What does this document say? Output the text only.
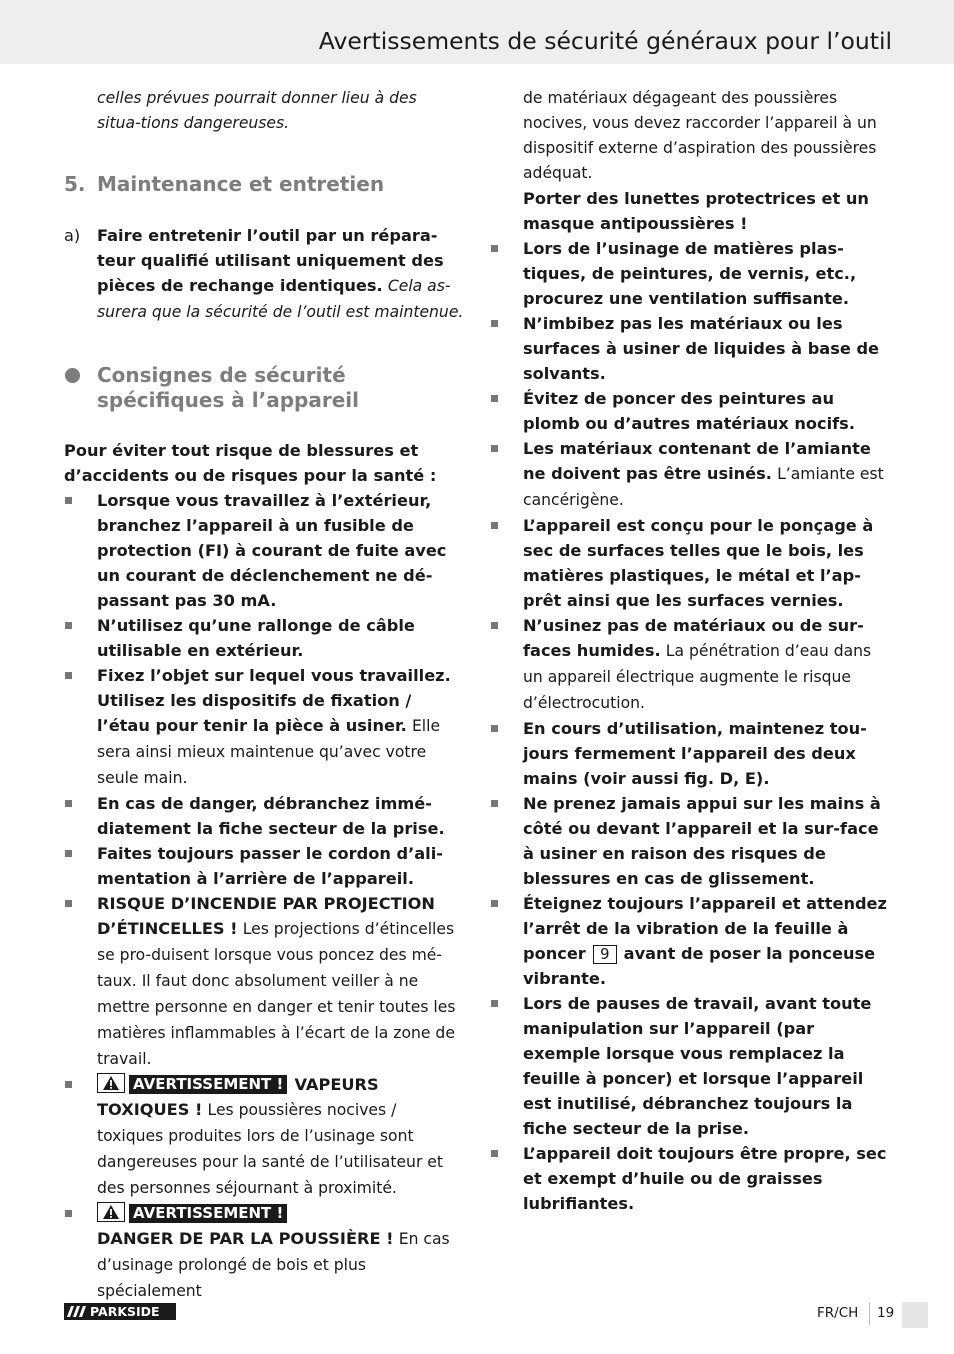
Avertissements de sécurité généraux pour l’outil

celles prévues pourrait donner lieu à des situa-tions dangereuses.

5. Maintenance et entretien
a)	Faire entretenir l’outil par un répara-teur qualifié utilisant uniquement des pièces de rechange identiques. Cela as-surera que la sécurité de l’outil est maintenue.
Consignes de sécurité spécifiques à l’appareil

Pour éviter tout risque de blessures et d’accidents ou de risques pour la santé :

Lorsque vous travaillez à l’extérieur, branchez l’appareil à un fusible de protection (FI) à courant de fuite avec un courant de déclenchement ne dé-passant pas 30 mA.
N’utilisez qu’une rallonge de câble utilisable en extérieur.
Fixez l’objet sur lequel vous travaillez. Utilisez les dispositifs de fixation / l’étau pour tenir la pièce à usiner. Elle sera ainsi mieux maintenue qu’avec votre seule main.
En cas de danger, débranchez immé-diatement la fiche secteur de la prise.
Faites toujours passer le cordon d’ali-mentation à l’arrière de l’appareil.
RISQUE D’INCENDIE PAR PROJECTION D’ÉTINCELLES ! Les projections d’étincelles se pro-duisent lorsque vous poncez des mé-taux. Il faut donc absolument veiller à ne mettre personne en danger et tenir toutes les matières inflammables à l’écart de la zone de travail.
AVERTISSEMENT ! VAPEURS TOXIQUES ! Les poussières nocives / toxiques produites lors de l’usinage sont dangereuses pour la santé de l’utilisateur et des personnes séjournant à proximité.
AVERTISSEMENT !
DANGER DE PAR LA POUSSIÈRE ! En cas d’usinage prolongé de bois et plus spécialement

de matériaux dégageant des poussières nocives, vous devez raccorder l’appareil à un dispositif externe d’aspiration des poussières adéquat.

Porter des lunettes protectrices et un masque antipoussières !

Lors de l’usinage de matières plas-tiques, de peintures, de vernis, etc., procurez une ventilation suffisante.
N’imbibez pas les matériaux ou les surfaces à usiner de liquides à base de solvants.
Évitez de poncer des peintures au plomb ou d’autres matériaux nocifs.
Les matériaux contenant de l’amiante ne doivent pas être usinés. L’amiante est cancérigène.
L’appareil est conçu pour le ponçage à sec de surfaces telles que le bois, les matières plastiques, le métal et l’ap-prêt ainsi que les surfaces vernies.
N’usinez pas de matériaux ou de sur-faces humides. La pénétration d’eau dans un appareil électrique augmente le risque d’électrocution.
En cours d’utilisation, maintenez tou-jours fermement l’appareil des deux mains (voir aussi fig. D, E).
Ne prenez jamais appui sur les mains à côté ou devant l’appareil et la sur-face à usiner en raison des risques de blessures en cas de glissement.
Éteignez toujours l’appareil et attendez l’arrêt de la vibration de la feuille à poncer 9 avant de poser la ponceuse vibrante.
Lors de pauses de travail, avant toute manipulation sur l’appareil (par exemple lorsque vous remplacez la feuille à poncer) et lorsque l’appareil est inutilisé, débranchez toujours la fiche secteur de la prise.
L’appareil doit toujours être propre, sec et exempt d’huile ou de graisses lubrifiantes.
PARKSIDE	FR/CH 19
